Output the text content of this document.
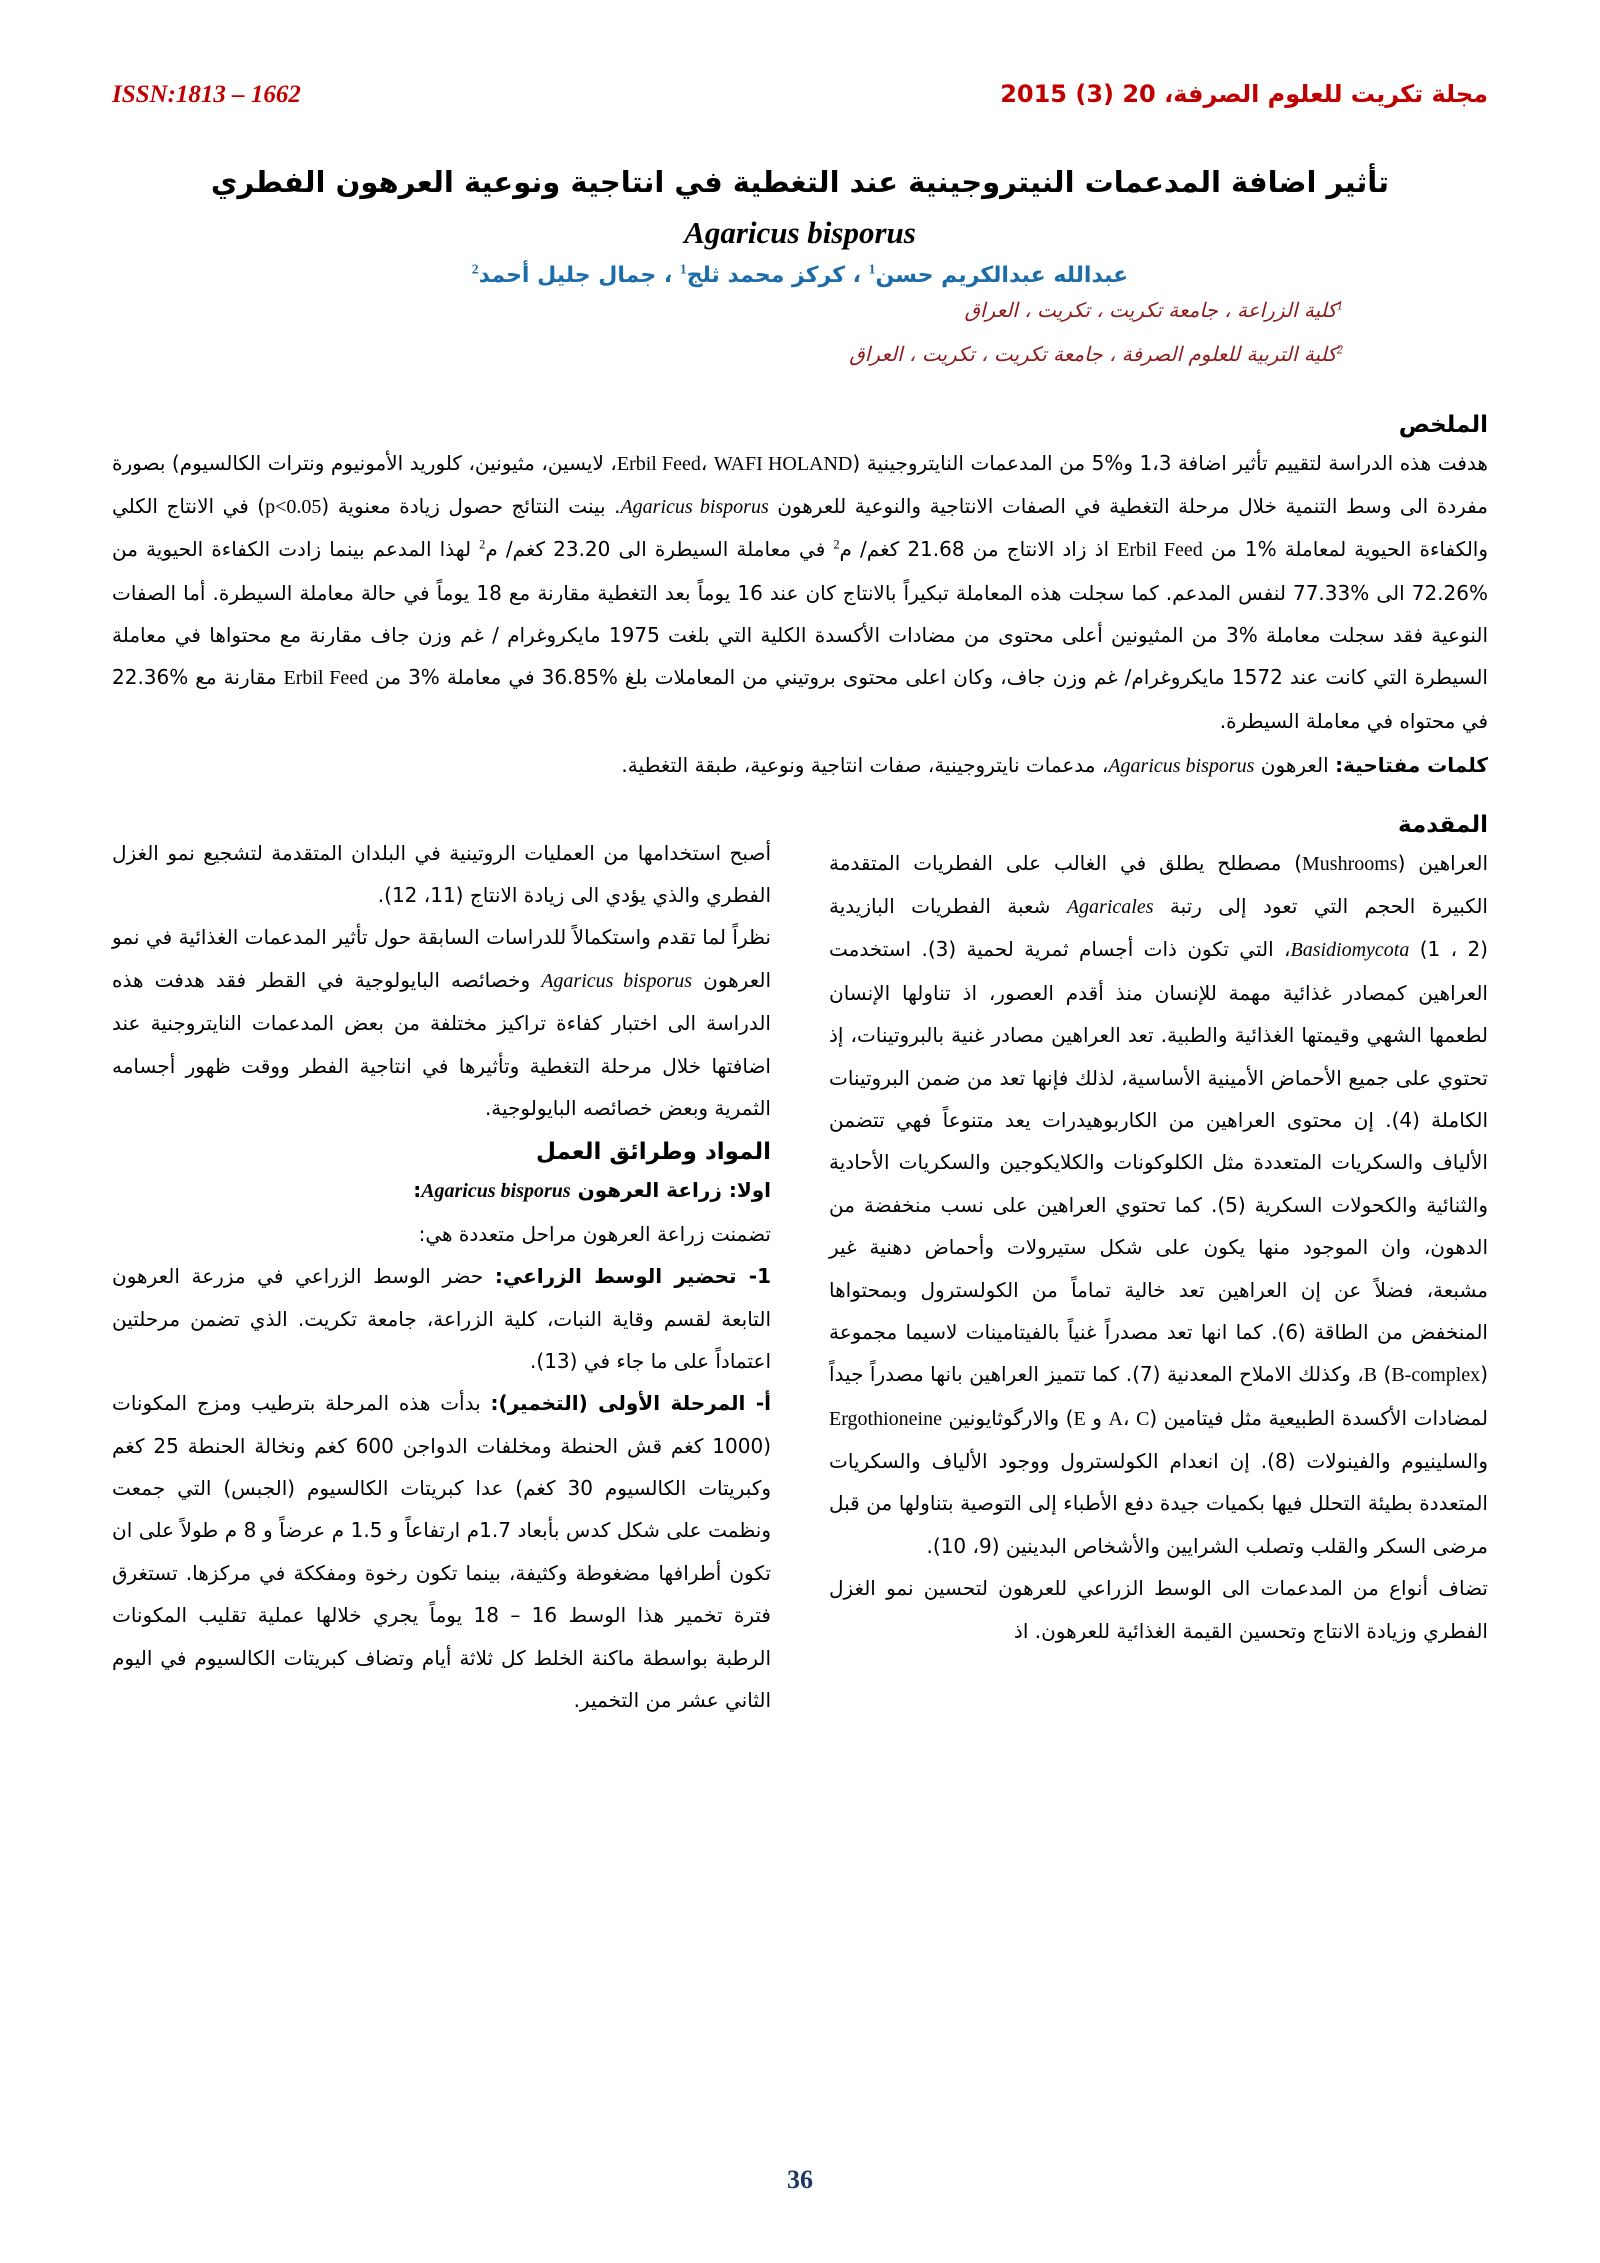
ISSN:1813 – 1662	مجلة تكريت للعلوم الصرفة، 20 (3) 2015
تأثير اضافة المدعمات النيتروجينية عند التغطية في انتاجية ونوعية العرهون الفطري
Agaricus bisporus
عبدالله عبدالكريم حسن$^1$ ، كركز محمد ثلج$^1$ ، جمال جليل أحمد$^2$
$^1$كلية الزراعة ، جامعة تكريت ، تكريت ، العراق
$^2$كلية التربية للعلوم الصرفة ، جامعة تكريت ، تكريت ، العراق
الملخص

هدفت هذه الدراسة لتقييم تأثير اضافة 1،3 و%5 من المدعمات النايتروجينية (Erbil Feed، WAFI HOLAND، لايسين، مثيونين، كلوريد الأمونيوم ونترات الكالسيوم) بصورة مفردة الى وسط التنمية خلال مرحلة التغطية في الصفات الانتاجية والنوعية للعرهون Agaricus bisporus. بينت النتائج حصول زيادة معنوية (p<0.05) في الانتاج الكلي والكفاءة الحيوية لمعاملة %1 من Erbil Feed اذ زاد الانتاج من 21.68 كغم/ م$^2$ في معاملة السيطرة الى 23.20 كغم/ م$^2$ لهذا المدعم بينما زادت الكفاءة الحيوية من %72.26 الى %77.33 لنفس المدعم. كما سجلت هذه المعاملة تبكيراً بالانتاج كان عند 16 يوماً بعد التغطية مقارنة مع 18 يوماً في حالة معاملة السيطرة. أما الصفات النوعية فقد سجلت معاملة %3 من المثيونين أعلى محتوى من مضادات الأكسدة الكلية التي بلغت 1975 مايكروغرام / غم وزن جاف مقارنة مع محتواها في معاملة السيطرة التي كانت عند 1572 مايكروغرام/ غم وزن جاف، وكان اعلى محتوى بروتيني من المعاملات بلغ %36.85 في معاملة %3 من Erbil Feed مقارنة مع %22.36 في محتواه في معاملة السيطرة.

كلمات مفتاحية: العرهون Agaricus bisporus، مدعمات نايتروجينية، صفات انتاجية ونوعية، طبقة التغطية.

المقدمة

العراهين (Mushrooms) مصطلح يطلق في الغالب على الفطريات المتقدمة الكبيرة الحجم التي تعود إلى رتبة Agaricales شعبة الفطريات البازيدية Basidiomycota (1 ، 2)، التي تكون ذات أجسام ثمرية لحمية (3). استخدمت العراهين كمصادر غذائية مهمة للإنسان منذ أقدم العصور، اذ تناولها الإنسان لطعمها الشهي وقيمتها الغذائية والطبية. تعد العراهين مصادر غنية بالبروتينات، إذ تحتوي على جميع الأحماض الأمينية الأساسية، لذلك فإنها تعد من ضمن البروتينات الكاملة (4). إن محتوى العراهين من الكاربوهيدرات يعد متنوعاً فهي تتضمن الألياف والسكريات المتعددة مثل الكلوكونات والكلايكوجين والسكريات الأحادية والثنائية والكحولات السكرية (5). كما تحتوي العراهين على نسب منخفضة من الدهون، وان الموجود منها يكون على شكل ستيرولات وأحماض دهنية غير مشبعة، فضلاً عن إن العراهين تعد خالية تماماً من الكولسترول وبمحتواها المنخفض من الطاقة (6). كما انها تعد مصدراً غنياً بالفيتامينات لاسيما مجموعة (B-complex) B، وكذلك الاملاح المعدنية (7). كما تتميز العراهين بانها مصدراً جيداً لمضادات الأكسدة الطبيعية مثل فيتامين (A، C و E) والارگوثايونين Ergothioneine والسلينيوم والفينولات (8). إن انعدام الكولسترول ووجود الألياف والسكريات المتعددة بطيئة التحلل فيها بكميات جيدة دفع الأطباء إلى التوصية بتناولها من قبل مرضى السكر والقلب وتصلب الشرايين والأشخاص البدينين (9، 10).

تضاف أنواع من المدعمات الى الوسط الزراعي للعرهون لتحسين نمو الغزل الفطري وزيادة الانتاج وتحسين القيمة الغذائية للعرهون. اذ

أصبح استخدامها من العمليات الروتينية في البلدان المتقدمة لتشجيع نمو الغزل الفطري والذي يؤدي الى زيادة الانتاج (11، 12).

نظراً لما تقدم واستكمالاً للدراسات السابقة حول تأثير المدعمات الغذائية في نمو العرهون Agaricus bisporus وخصائصه البايولوجية في القطر فقد هدفت هذه الدراسة الى اختبار كفاءة تراكيز مختلفة من بعض المدعمات النايتروجنية عند اضافتها خلال مرحلة التغطية وتأثيرها في انتاجية الفطر ووقت ظهور أجسامه الثمرية وبعض خصائصه البايولوجية.

المواد وطرائق العمل

اولا: زراعة العرهون Agaricus bisporus:

تضمنت زراعة العرهون مراحل متعددة هي:

1- تحضير الوسط الزراعي: حضر الوسط الزراعي في مزرعة العرهون التابعة لقسم وقاية النبات، كلية الزراعة، جامعة تكريت. الذي تضمن مرحلتين اعتماداً على ما جاء في (13).

أ- المرحلة الأولى (التخمير): بدأت هذه المرحلة بترطيب ومزج المكونات (1000 كغم قش الحنطة ومخلفات الدواجن 600 كغم ونخالة الحنطة 25 كغم وكبريتات الكالسيوم 30 كغم) عدا كبريتات الكالسيوم (الجبس) التي جمعت ونظمت على شكل كدس بأبعاد 1.7م ارتفاعاً و 1.5 م عرضاً و 8 م طولاً على ان تكون أطرافها مضغوطة وكثيفة، بينما تكون رخوة ومفككة في مركزها. تستغرق فترة تخمير هذا الوسط 16 – 18 يوماً يجري خلالها عملية تقليب المكونات الرطبة بواسطة ماكنة الخلط كل ثلاثة أيام وتضاف كبريتات الكالسيوم في اليوم الثاني عشر من التخمير.

36
